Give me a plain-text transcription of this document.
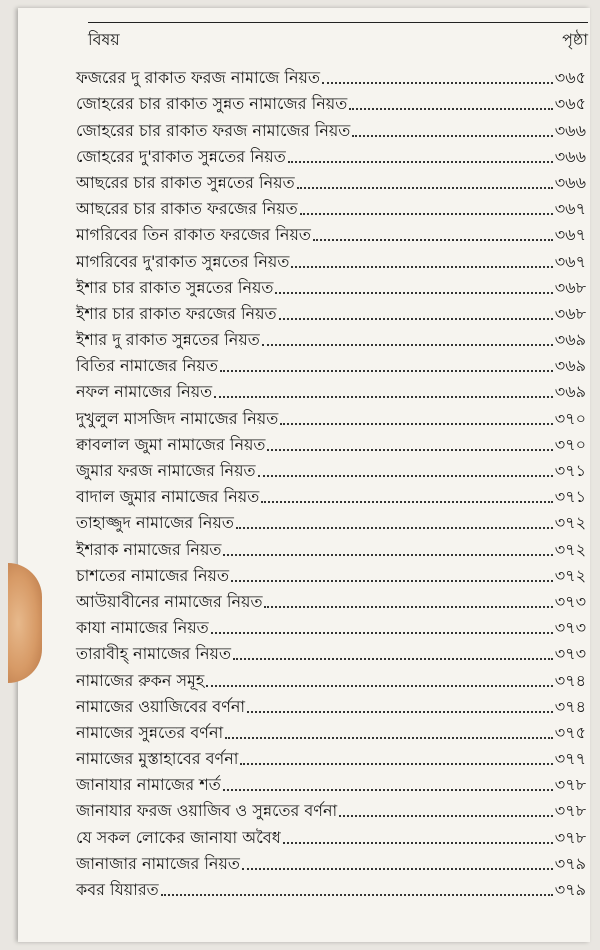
বিষয়	পৃষ্ঠা
ফজরের দু রাকাত ফরজ নামাজে নিয়ত	৩৬৫
জোহরের চার রাকাত সুন্নত নামাজের নিয়ত	৩৬৫
জোহরের চার রাকাত ফরজ নামাজের নিয়ত	৩৬৬
জোহরের দু'রাকাত সুন্নতের নিয়ত	৩৬৬
আছরের চার রাকাত সুন্নতের নিয়ত	৩৬৬
আছরের চার রাকাত ফরজের নিয়ত	৩৬৭
মাগরিবের তিন রাকাত ফরজের নিয়ত	৩৬৭
মাগরিবের দু'রাকাত সুন্নতের নিয়ত	৩৬৭
ইশার চার রাকাত সুন্নতের নিয়ত	৩৬৮
ইশার চার রাকাত ফরজের নিয়ত	৩৬৮
ইশার দু রাকাত সুন্নতের নিয়ত	৩৬৯
বিতির নামাজের নিয়ত	৩৬৯
নফল নামাজের নিয়ত	৩৬৯
দুখুলুল মাসজিদ নামাজের নিয়ত	৩৭০
ক্বাবলাল জুমা নামাজের নিয়ত	৩৭০
জুমার ফরজ নামাজের নিয়ত	৩৭১
বাদাল জুমার নামাজের নিয়ত	৩৭১
তাহাজ্জুদ নামাজের নিয়ত	৩৭২
ইশরাক নামাজের নিয়ত	৩৭২
চাশতের নামাজের নিয়ত	৩৭২
আউয়াবীনের নামাজের নিয়ত	৩৭৩
কাযা নামাজের নিয়ত	৩৭৩
তারাবীহ্ নামাজের নিয়ত	৩৭৩
নামাজের রুকন সমূহ	৩৭৪
নামাজের ওয়াজিবের বর্ণনা	৩৭৪
নামাজের সুন্নতের বর্ণনা	৩৭৫
নামাজের মুস্তাহাবের বর্ণনা	৩৭৭
জানাযার নামাজের শর্ত	৩৭৮
জানাযার ফরজ ওয়াজিব ও সুন্নতের বর্ণনা	৩৭৮
যে সকল লোকের জানাযা অবৈধ	৩৭৮
জানাজার নামাজের নিয়ত	৩৭৯
কবর যিয়ারত	৩৭৯
